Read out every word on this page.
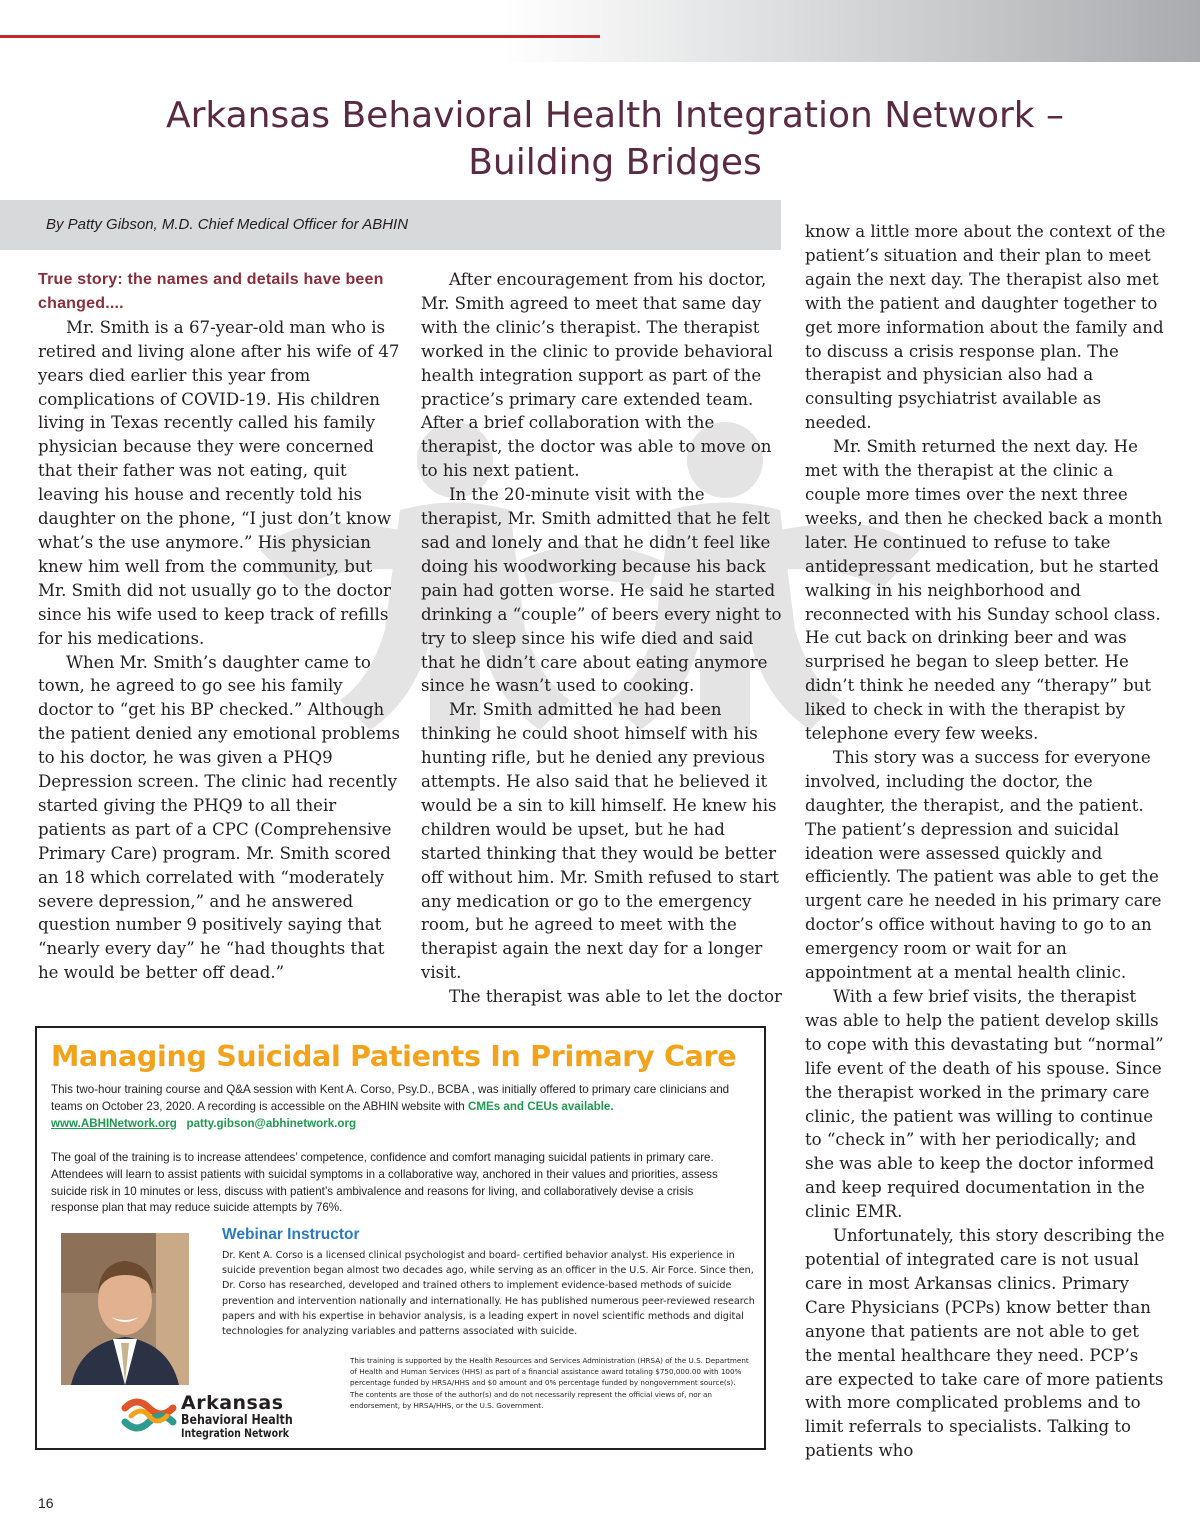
Arkansas Behavioral Health Integration Network –
Building Bridges
By Patty Gibson, M.D. Chief Medical Officer for ABHIN

True story: the names and details have been changed....

Mr. Smith is a 67-year-old man who is retired and living alone after his wife of 47 years died earlier this year from complications of COVID-19. His children living in Texas recently called his family physician because they were concerned that their father was not eating, quit leaving his house and recently told his daughter on the phone, “I just don’t know what’s the use anymore.” His physician knew him well from the community, but Mr. Smith did not usually go to the doctor since his wife used to keep track of refills for his medications.

When Mr. Smith’s daughter came to town, he agreed to go see his family doctor to “get his BP checked.” Although the patient denied any emotional problems to his doctor, he was given a PHQ9 Depression screen. The clinic had recently started giving the PHQ9 to all their patients as part of a CPC (Comprehensive Primary Care) program. Mr. Smith scored an 18 which correlated with “moderately severe depression,” and he answered question number 9 positively saying that “nearly every day” he “had thoughts that he would be better off dead.”

After encouragement from his doctor, Mr. Smith agreed to meet that same day with the clinic’s therapist. The therapist worked in the clinic to provide behavioral health integration support as part of the practice’s primary care extended team. After a brief collaboration with the therapist, the doctor was able to move on to his next patient.

In the 20-minute visit with the therapist, Mr. Smith admitted that he felt sad and lonely and that he didn’t feel like doing his woodworking because his back pain had gotten worse. He said he started drinking a “couple” of beers every night to try to sleep since his wife died and said that he didn’t care about eating anymore since he wasn’t used to cooking.

Mr. Smith admitted he had been thinking he could shoot himself with his hunting rifle, but he denied any previous attempts. He also said that he believed it would be a sin to kill himself. He knew his children would be upset, but he had started thinking that they would be better off without him. Mr. Smith refused to start any medication or go to the emergency room, but he agreed to meet with the therapist again the next day for a longer visit.

The therapist was able to let the doctor

know a little more about the context of the patient’s situation and their plan to meet again the next day. The therapist also met with the patient and daughter together to get more information about the family and to discuss a crisis response plan. The therapist and physician also had a consulting psychiatrist available as needed.

Mr. Smith returned the next day. He met with the therapist at the clinic a couple more times over the next three weeks, and then he checked back a month later. He continued to refuse to take antidepressant medication, but he started walking in his neighborhood and reconnected with his Sunday school class. He cut back on drinking beer and was surprised he began to sleep better. He didn’t think he needed any “therapy” but liked to check in with the therapist by telephone every few weeks.

This story was a success for everyone involved, including the doctor, the daughter, the therapist, and the patient. The patient’s depression and suicidal ideation were assessed quickly and efficiently. The patient was able to get the urgent care he needed in his primary care doctor’s office without having to go to an emergency room or wait for an appointment at a mental health clinic.

With a few brief visits, the therapist was able to help the patient develop skills to cope with this devastating but “normal” life event of the death of his spouse. Since the therapist worked in the primary care clinic, the patient was willing to continue to “check in” with her periodically; and she was able to keep the doctor informed and keep required documentation in the clinic EMR.

Unfortunately, this story describing the potential of integrated care is not usual care in most Arkansas clinics. Primary Care Physicians (PCPs) know better than anyone that patients are not able to get the mental healthcare they need. PCP’s are expected to take care of more patients with more complicated problems and to limit referrals to specialists. Talking to patients who

Managing Suicidal Patients In Primary Care
This two-hour training course and Q&A session with Kent A. Corso, Psy.D., BCBA , was initially offered to primary care clinicians and teams on October 23, 2020. A recording is accessible on the ABHIN website with CMEs and CEUs available.   www.ABHINetwork.org patty.gibson@abhinetwork.org
The goal of the training is to increase attendees’ competence, confidence and comfort managing suicidal patients in primary care. Attendees will learn to assist patients with suicidal symptoms in a collaborative way, anchored in their values and priorities, assess suicide risk in 10 minutes or less, discuss with patient’s ambivalence and reasons for living, and collaboratively devise a crisis response plan that may reduce suicide attempts by 76%.
Webinar Instructor
Dr. Kent A. Corso is a licensed clinical psychologist and board- certified behavior analyst. His experience in suicide prevention began almost two decades ago, while serving as an officer in the U.S. Air Force. Since then, Dr. Corso has researched, developed and trained others to implement evidence-based methods of suicide prevention and intervention nationally and internationally. He has published numerous peer-reviewed research papers and with his expertise in behavior analysis, is a leading expert in novel scientific methods and digital technologies for analyzing variables and patterns associated with suicide.
This training is supported by the Health Resources and Services Administration (HRSA) of the U.S. Department of Health and Human Services (HHS) as part of a financial assistance award totaling $750,000.00 with 100% percentage funded by HRSA/HHS and $0 amount and 0% percentage funded by nongovernment source(s). The contents are those of the author(s) and do not necessarily represent the official views of, nor an endorsement, by HRSA/HHS, or the U.S. Government.
Arkansas
Behavioral Health
Integration Network
16
